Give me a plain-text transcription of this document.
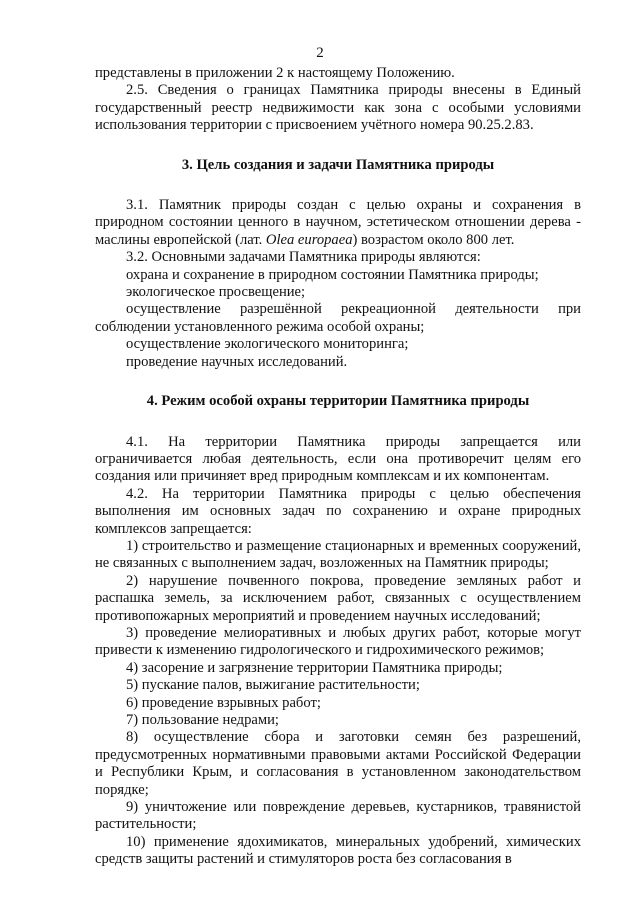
2

представлены в приложении 2 к настоящему Положению.

2.5. Сведения о границах Памятника природы внесены в Единый государственный реестр недвижимости как зона с особыми условиями использования территории с присвоением учётного номера 90.25.2.83.

3. Цель создания и задачи Памятника природы

3.1. Памятник природы создан с целью охраны и сохранения в природном состоянии ценного в научном, эстетическом отношении дерева - маслины европейской (лат. Olea europaea) возрастом около 800 лет.

3.2. Основными задачами Памятника природы являются:

охрана и сохранение в природном состоянии Памятника природы;

экологическое просвещение;

осуществление разрешённой рекреационной деятельности при соблюдении установленного режима особой охраны;

осуществление экологического мониторинга;

проведение научных исследований.

4. Режим особой охраны территории Памятника природы

4.1. На территории Памятника природы запрещается или ограничивается любая деятельность, если она противоречит целям его создания или причиняет вред природным комплексам и их компонентам.

4.2. На территории Памятника природы с целью обеспечения выполнения им основных задач по сохранению и охране природных комплексов запрещается:

1) строительство и размещение стационарных и временных сооружений, не связанных с выполнением задач, возложенных на Памятник природы;

2) нарушение почвенного покрова, проведение земляных работ и распашка земель, за исключением работ, связанных с осуществлением противопожарных мероприятий и проведением научных исследований;

3) проведение мелиоративных и любых других работ, которые могут привести к изменению гидрологического и гидрохимического режимов;

4) засорение и загрязнение территории Памятника природы;

5) пускание палов, выжигание растительности;

6) проведение взрывных работ;

7) пользование недрами;

8) осуществление сбора и заготовки семян без разрешений, предусмотренных нормативными правовыми актами Российской Федерации и Республики Крым, и согласования в установленном законодательством порядке;

9) уничтожение или повреждение деревьев, кустарников, травянистой растительности;

10) применение ядохимикатов, минеральных удобрений, химических средств защиты растений и стимуляторов роста без согласования в
